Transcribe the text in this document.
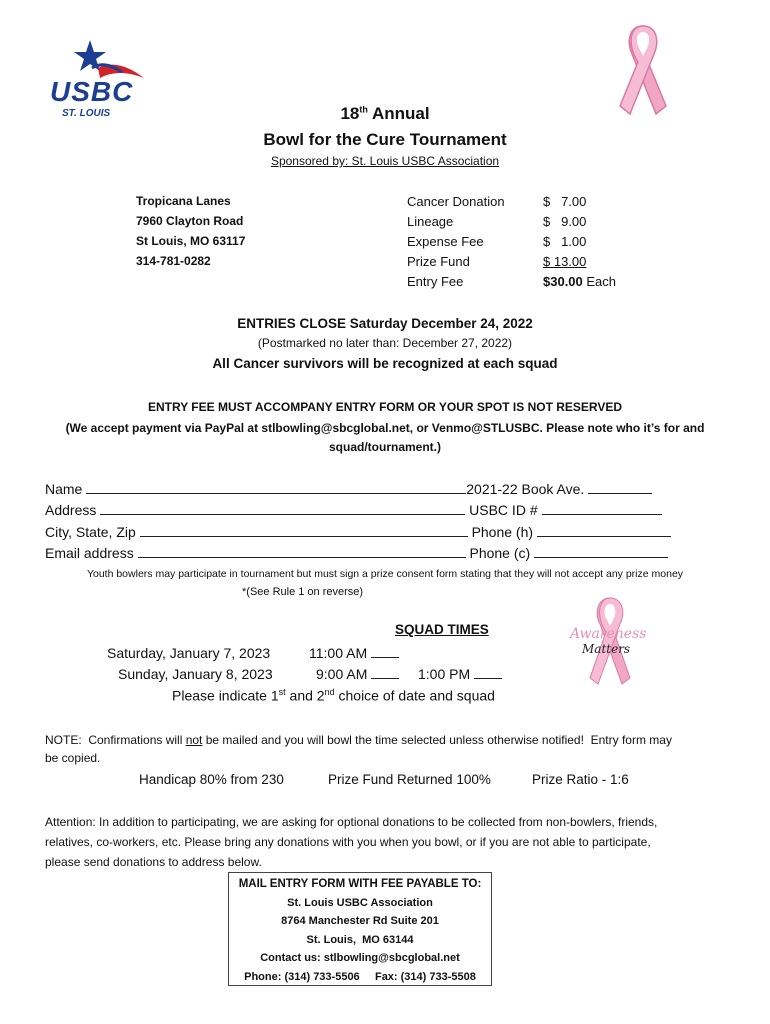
USBC
ST. LOUIS	18th Annual
Bowl for the Cure Tournament
Sponsored by: St. Louis USBC Association
Tropicana Lanes
7960 Clayton Road
St Louis, MO 63117
314-781-0282
Cancer Donation	$   7.00
Lineage	$   9.00
Expense Fee	$   1.00
Prize Fund	$ 13.00
Entry Fee	$30.00 Each
ENTRIES CLOSE Saturday December 24, 2022
(Postmarked no later than: December 27, 2022)
All Cancer survivors will be recognized at each squad
ENTRY FEE MUST ACCOMPANY ENTRY FORM OR YOUR SPOT IS NOT RESERVED
(We accept payment via PayPal at stlbowling@sbcglobal.net, or Venmo@STLUSBC. Please note who it’s for and
squad/tournament.)
Name	2021-22 Book Ave.
Address	USBC ID #
City, State, Zip	Phone (h)
Email address	Phone (c)
Youth bowlers may participate in tournament but must sign a prize consent form stating that they will not accept any prize money
*(See Rule 1 on reverse)
SQUAD TIMES
Saturday, January 7, 2023	11:00 AM
Sunday, January 8, 2023	9:00 AM	1:00 PM
Please indicate 1st and 2nd choice of date and squad
Awareness
Matters
NOTE:  Confirmations will not be mailed and you will bowl the time selected unless otherwise notified!  Entry form may
be copied.
Handicap 80% from 230	Prize Fund Returned 100%	Prize Ratio - 1:6
Attention: In addition to participating, we are asking for optional donations to be collected from non-bowlers, friends,
relatives, co-workers, etc. Please bring any donations with you when you bowl, or if you are not able to participate,
please send donations to address below.
MAIL ENTRY FORM WITH FEE PAYABLE TO:
St. Louis USBC Association
8764 Manchester Rd Suite 201
St. Louis,  MO 63144
Contact us: stlbowling@sbcglobal.net
Phone: (314) 733-5506 Fax: (314) 733-5508
